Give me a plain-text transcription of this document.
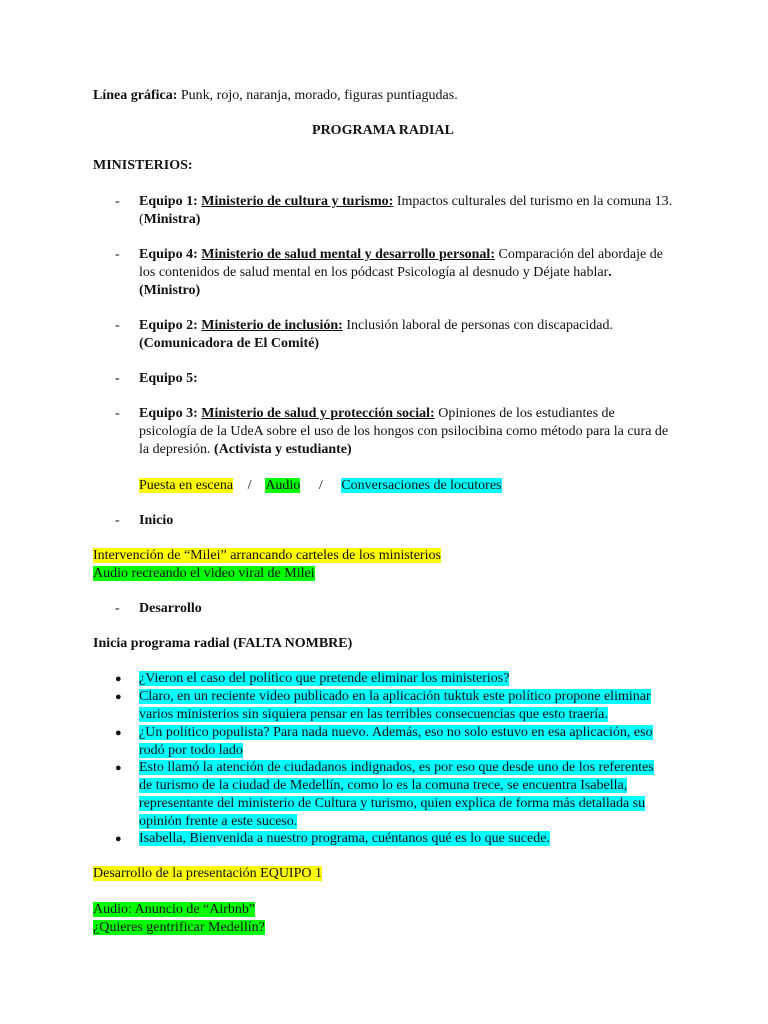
Línea gráfica: Punk, rojo, naranja, morado, figuras puntiagudas.
PROGRAMA RADIAL
MINISTERIOS:
- Equipo 1: Ministerio de cultura y turismo: Impactos culturales del turismo en la comuna 13. (Ministra)
- Equipo 4: Ministerio de salud mental y desarrollo personal: Comparación del abordaje de los contenidos de salud mental en los pódcast Psicología al desnudo y Déjate hablar.
(Ministro)
- Equipo 2: Ministerio de inclusión: Inclusión laboral de personas con discapacidad.
(Comunicadora de El Comité)
- Equipo 5:
- Equipo 3: Ministerio de salud y protección social: Opiniones de los estudiantes de psicología de la UdeA sobre el uso de los hongos con psilocibina como método para la cura de la depresión. (Activista y estudiante)
Puesta en escena / Audio / Conversaciones de locutores
- Inicio
Intervención de “Milei” arrancando carteles de los ministerios
Audio recreando el video viral de Milei
- Desarrollo
Inicia programa radial (FALTA NOMBRE)
● ¿Vieron el caso del político que pretende eliminar los ministerios?
● Claro, en un reciente video publicado en la aplicación tuktuk este político propone eliminar
varios ministerios sin siquiera pensar en las terribles consecuencias que esto traería.
● ¿Un político populista? Para nada nuevo. Además, eso no solo estuvo en esa aplicación, eso
rodó por todo lado
● Esto llamó la atención de ciudadanos indignados, es por eso que desde uno de los referentes
de turismo de la ciudad de Medellín, como lo es la comuna trece, se encuentra Isabella,
representante del ministerio de Cultura y turismo, quien explica de forma más detallada su
opinión frente a este suceso.
● Isabella, Bienvenida a nuestro programa, cuéntanos qué es lo que sucede.
Desarrollo de la presentación EQUIPO 1
Audio: Anuncio de “Airbnb”
¿Quieres gentrificar Medellín?
